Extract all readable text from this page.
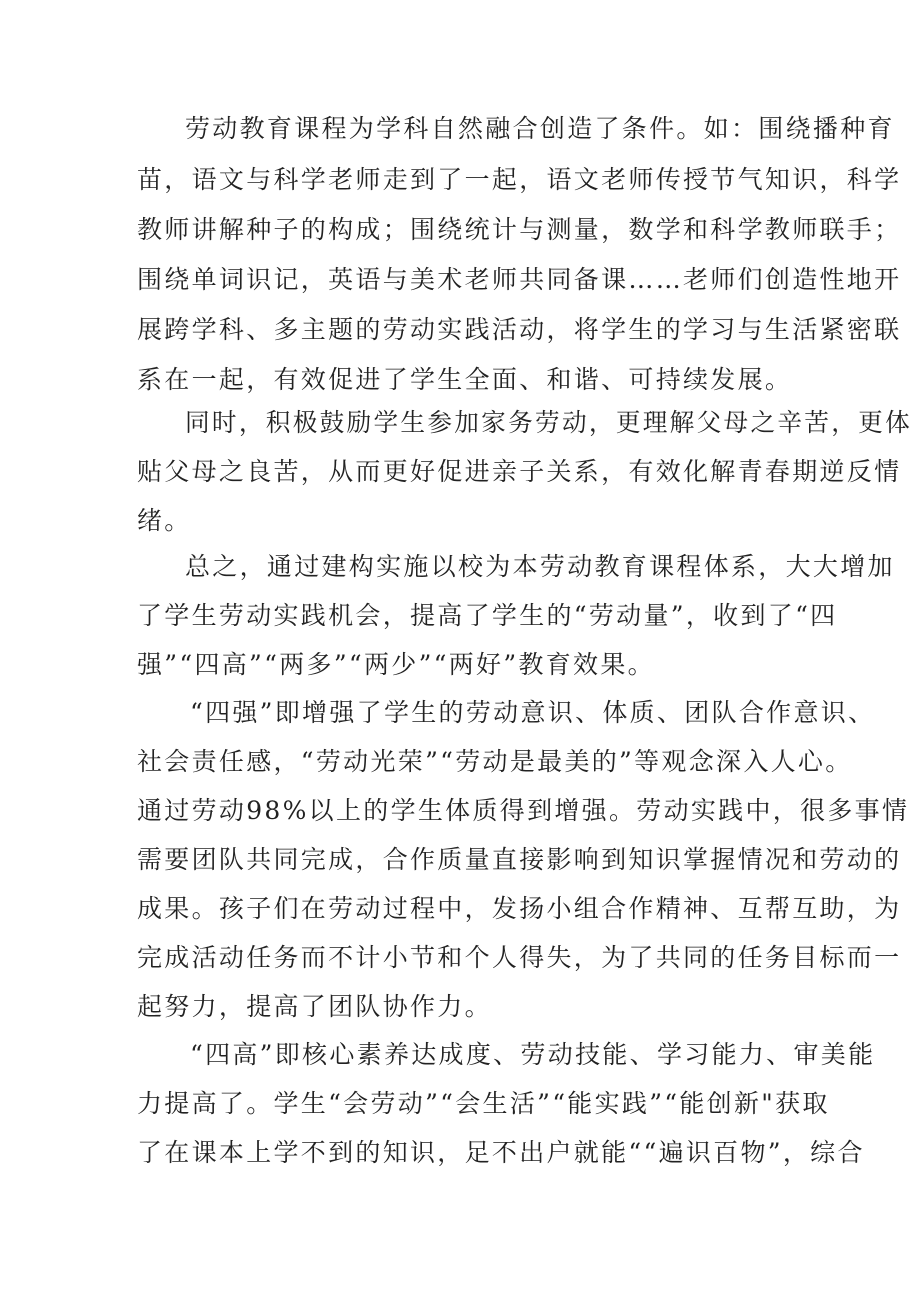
劳动教育课程为学科自然融合创造了条件。如：围绕播种育
苗，语文与科学老师走到了一起，语文老师传授节气知识，科学
教师讲解种子的构成；围绕统计与测量，数学和科学教师联手；
围绕单词识记，英语与美术老师共同备课……老师们创造性地开
展跨学科、多主题的劳动实践活动，将学生的学习与生活紧密联
系在一起，有效促进了学生全面、和谐、可持续发展。
同时，积极鼓励学生参加家务劳动，更理解父母之辛苦，更体
贴父母之良苦，从而更好促进亲子关系，有效化解青春期逆反情
绪。
总之，通过建构实施以校为本劳动教育课程体系，大大增加
了学生劳动实践机会，提高了学生的“劳动量”，收到了“四
强”“四高”“两多”“两少”“两好”教育效果。
“四强”即增强了学生的劳动意识、体质、团队合作意识、
社会责任感，“劳动光荣”“劳动是最美的”等观念深入人心。
通过劳动98%以上的学生体质得到增强。劳动实践中，很多事情
需要团队共同完成，合作质量直接影响到知识掌握情况和劳动的
成果。孩子们在劳动过程中，发扬小组合作精神、互帮互助，为
完成活动任务而不计小节和个人得失，为了共同的任务目标而一
起努力，提高了团队协作力。
“四高”即核心素养达成度、劳动技能、学习能力、审美能
力提高了。学生“会劳动”“会生活”“能实践”“能创新"获取
了在课本上学不到的知识，足不出户就能““遍识百物”，综合
